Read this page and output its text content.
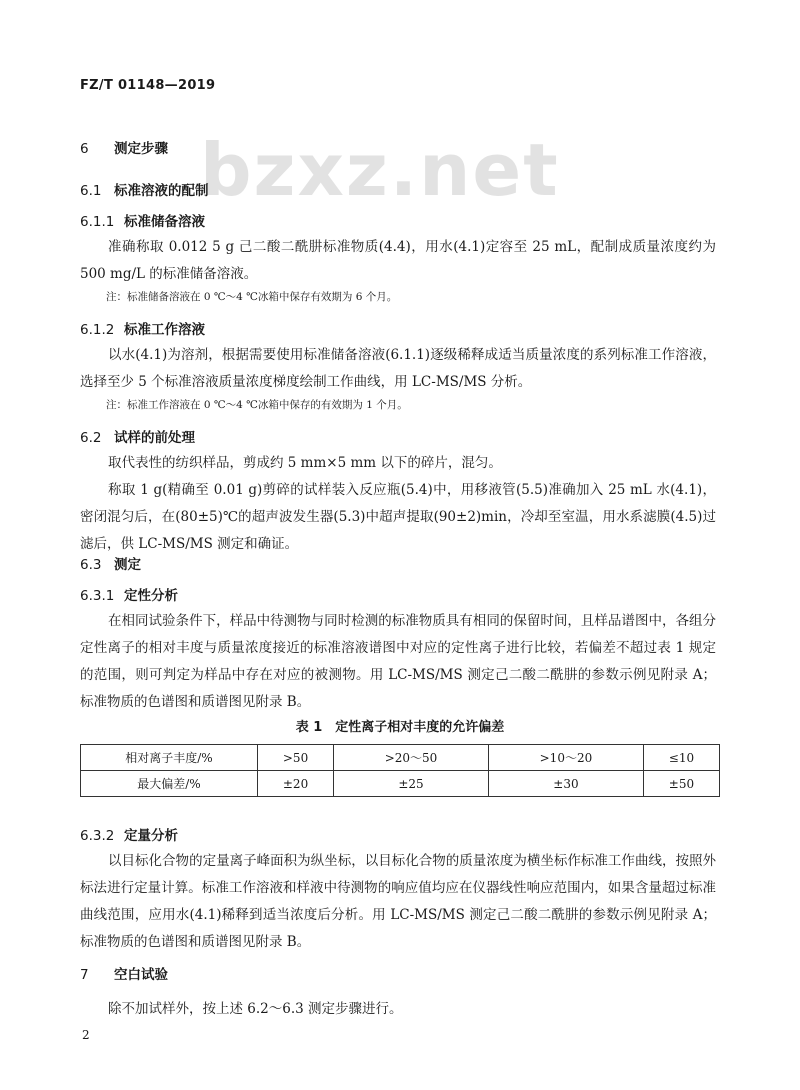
FZ/T 01148—2019
bzxz.net
6 测定步骤
6.1 标准溶液的配制
6.1.1 标准储备溶液
准确称取 0.012 5 g 己二酸二酰肼标准物质(4.4)，用水(4.1)定容至 25 mL，配制成质量浓度约为 500 mg/L 的标准储备溶液。
注：标准储备溶液在 0 ℃～4 ℃冰箱中保存有效期为 6 个月。
6.1.2 标准工作溶液
以水(4.1)为溶剂，根据需要使用标准储备溶液(6.1.1)逐级稀释成适当质量浓度的系列标准工作溶液，选择至少 5 个标准溶液质量浓度梯度绘制工作曲线，用 LC-MS/MS 分析。
注：标准工作溶液在 0 ℃～4 ℃冰箱中保存的有效期为 1 个月。
6.2 试样的前处理
取代表性的纺织样品，剪成约 5 mm×5 mm 以下的碎片，混匀。
称取 1 g(精确至 0.01 g)剪碎的试样装入反应瓶(5.4)中，用移液管(5.5)准确加入 25 mL 水(4.1)，密闭混匀后，在(80±5)℃的超声波发生器(5.3)中超声提取(90±2)min，冷却至室温，用水系滤膜(4.5)过滤后，供 LC-MS/MS 测定和确证。
6.3 测定
6.3.1 定性分析
在相同试验条件下，样品中待测物与同时检测的标准物质具有相同的保留时间，且样品谱图中，各组分定性离子的相对丰度与质量浓度接近的标准溶液谱图中对应的定性离子进行比较，若偏差不超过表 1 规定的范围，则可判定为样品中存在对应的被测物。用 LC-MS/MS 测定己二酸二酰肼的参数示例见附录 A；标准物质的色谱图和质谱图见附录 B。
表 1　定性离子相对丰度的允许偏差
相对离子丰度/%	>50	>20～50	>10～20	≤10
最大偏差/%	±20	±25	±30	±50
6.3.2 定量分析
以目标化合物的定量离子峰面积为纵坐标，以目标化合物的质量浓度为横坐标作标准工作曲线，按照外标法进行定量计算。标准工作溶液和样液中待测物的响应值均应在仪器线性响应范围内，如果含量超过标准曲线范围，应用水(4.1)稀释到适当浓度后分析。用 LC-MS/MS 测定己二酸二酰肼的参数示例见附录 A；标准物质的色谱图和质谱图见附录 B。
7 空白试验
除不加试样外，按上述 6.2～6.3 测定步骤进行。
2
